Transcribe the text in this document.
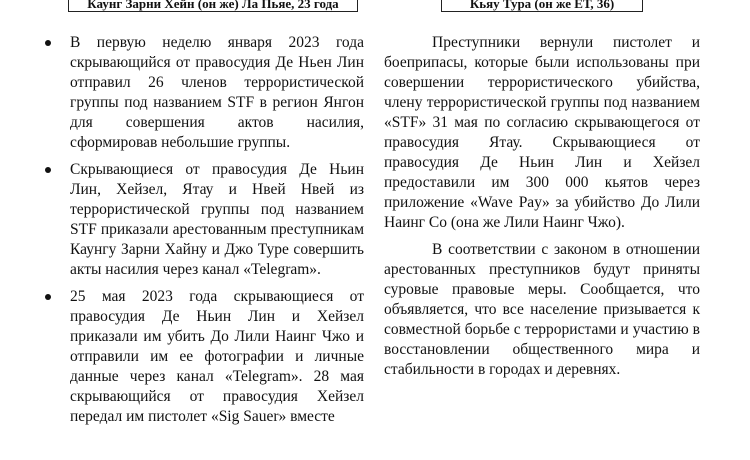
Каунг Зарни Хейн (он же) Ла Пьяе, 23 года	Кьяу Тура (он же ЕТ, 36)
В первую неделю января 2023 года скрывающийся от правосудия Де Ньен Лин отправил 26 членов террористической группы под названием STF в регион Янгон для совершения актов насилия, сформировав небольшие группы.
Скрывающиеся от правосудия Де Ньин Лин, Хейзел, Ятау и Нвей Нвей из террористической группы под названием STF приказали арестованным преступникам Каунгу Зарни Хайну и Джо Туре совершить акты насилия через канал «Telegram».
25 мая 2023 года скрывающиеся от правосудия Де Ньин Лин и Хейзел приказали им убить До Лили Наинг Чжо и отправили им ее фотографии и личные данные через канал «Telegram». 28 мая скрывающийся от правосудия Хейзел передал им пистолет «Sig Sauer» вместе

Преступники вернули пистолет и боеприпасы, которые были использованы при совершении террористического убийства, члену террористической группы под названием «STF» 31 мая по согласию скрывающегося от правосудия Ятау. Скрывающиеся от правосудия Де Ньин Лин и Хейзел предоставили им 300 000 кьятов через приложение «Wave Pay» за убийство До Лили Наинг Со (она же Лили Наинг Чжо).

В соответствии с законом в отношении арестованных преступников будут приняты суровые правовые меры. Сообщается, что объявляется, что все население призывается к совместной борьбе с террористами и участию в восстановлении общественного мира и стабильности в городах и деревнях.
